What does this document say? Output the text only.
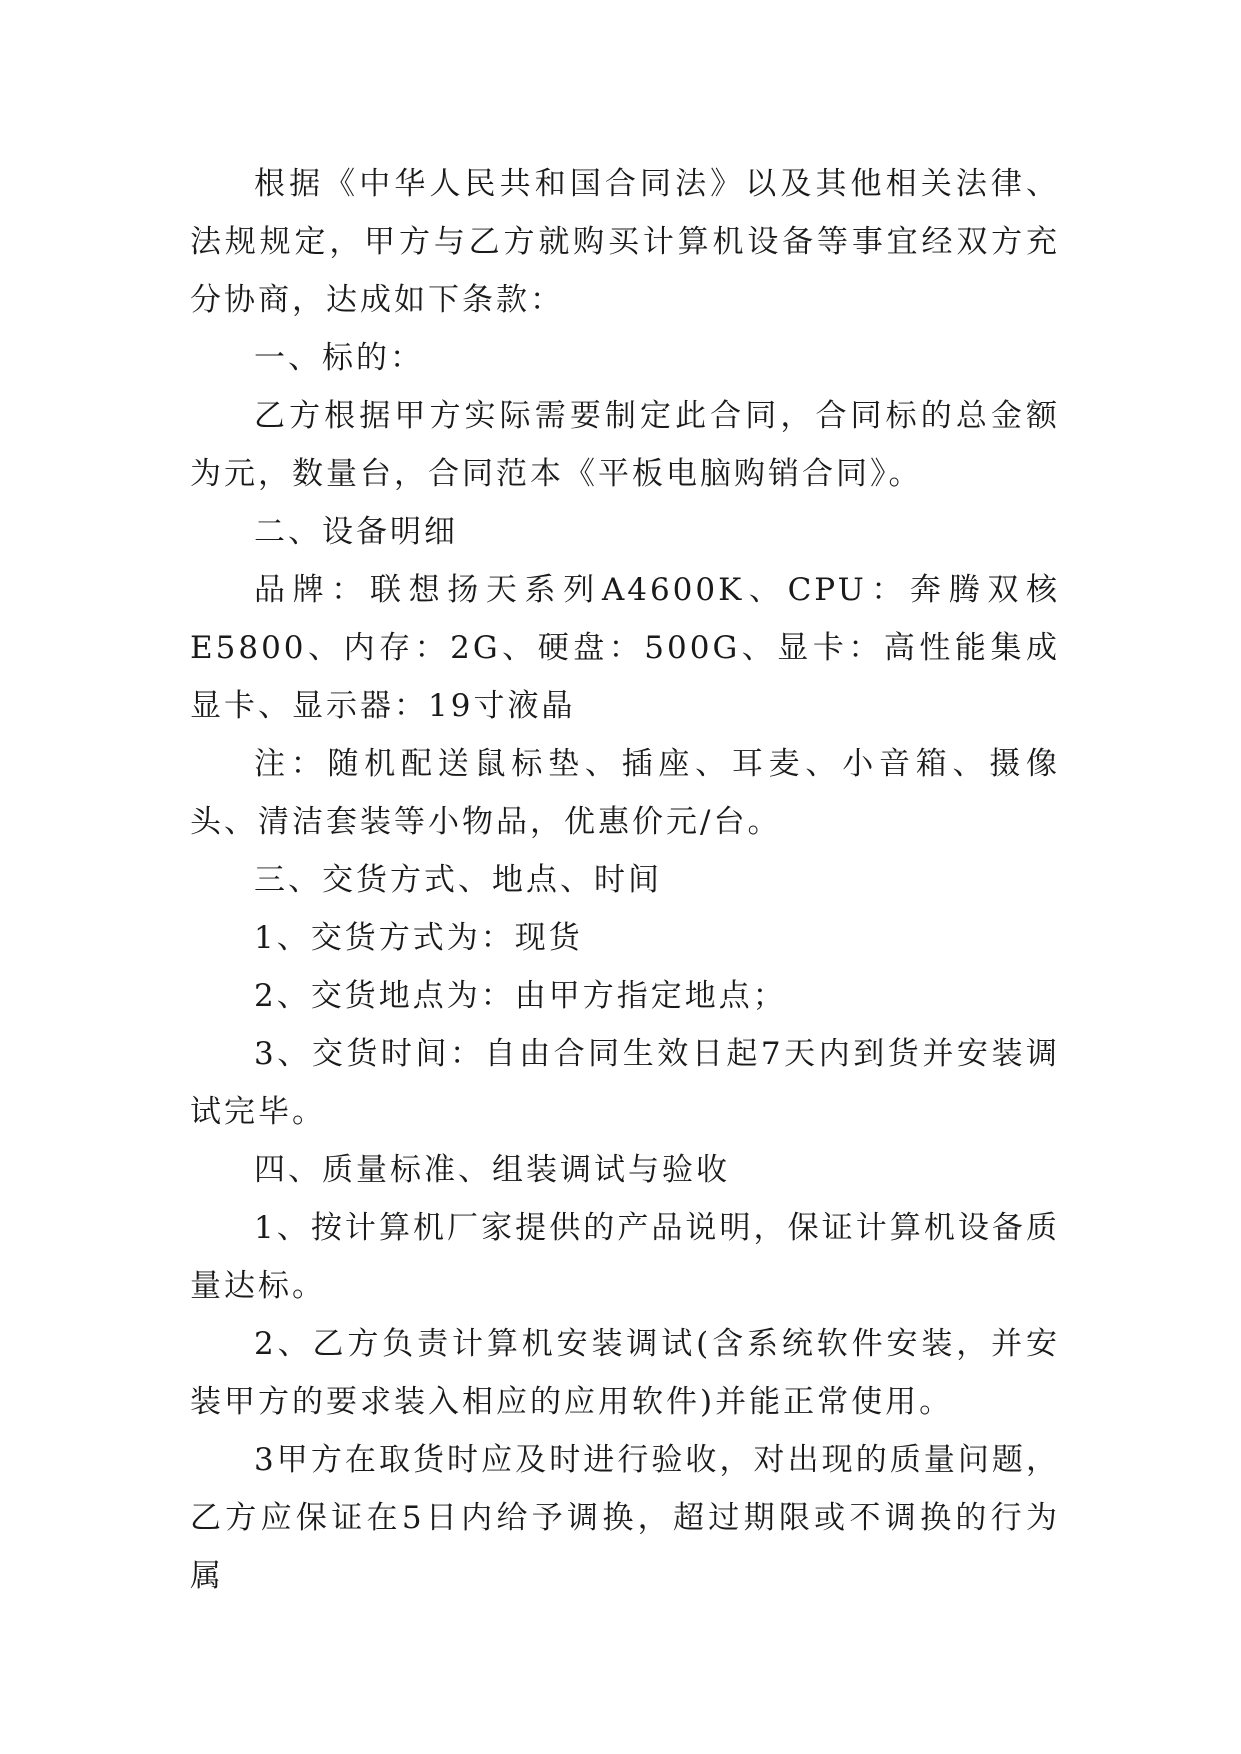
根据《中华人民共和国合同法》以及其他相关法律、法规规定，甲方与乙方就购买计算机设备等事宜经双方充分协商，达成如下条款：

一、标的：

乙方根据甲方实际需要制定此合同，合同标的总金额为元，数量台，合同范本《平板电脑购销合同》。

二、设备明细

品牌：联想扬天系列A4600K、CPU：奔腾双核E5800、内存：2G、硬盘：500G、显卡：高性能集成显卡、显示器：19寸液晶

注：随机配送鼠标垫、插座、耳麦、小音箱、摄像头、清洁套装等小物品，优惠价元/台。

三、交货方式、地点、时间

1、交货方式为：现货

2、交货地点为：由甲方指定地点；

3、交货时间：自由合同生效日起7天内到货并安装调试完毕。

四、质量标准、组装调试与验收

1、按计算机厂家提供的产品说明，保证计算机设备质量达标。

2、乙方负责计算机安装调试(含系统软件安装，并安装甲方的要求装入相应的应用软件)并能正常使用。

3甲方在取货时应及时进行验收，对出现的质量问题，乙方应保证在5日内给予调换，超过期限或不调换的行为属
